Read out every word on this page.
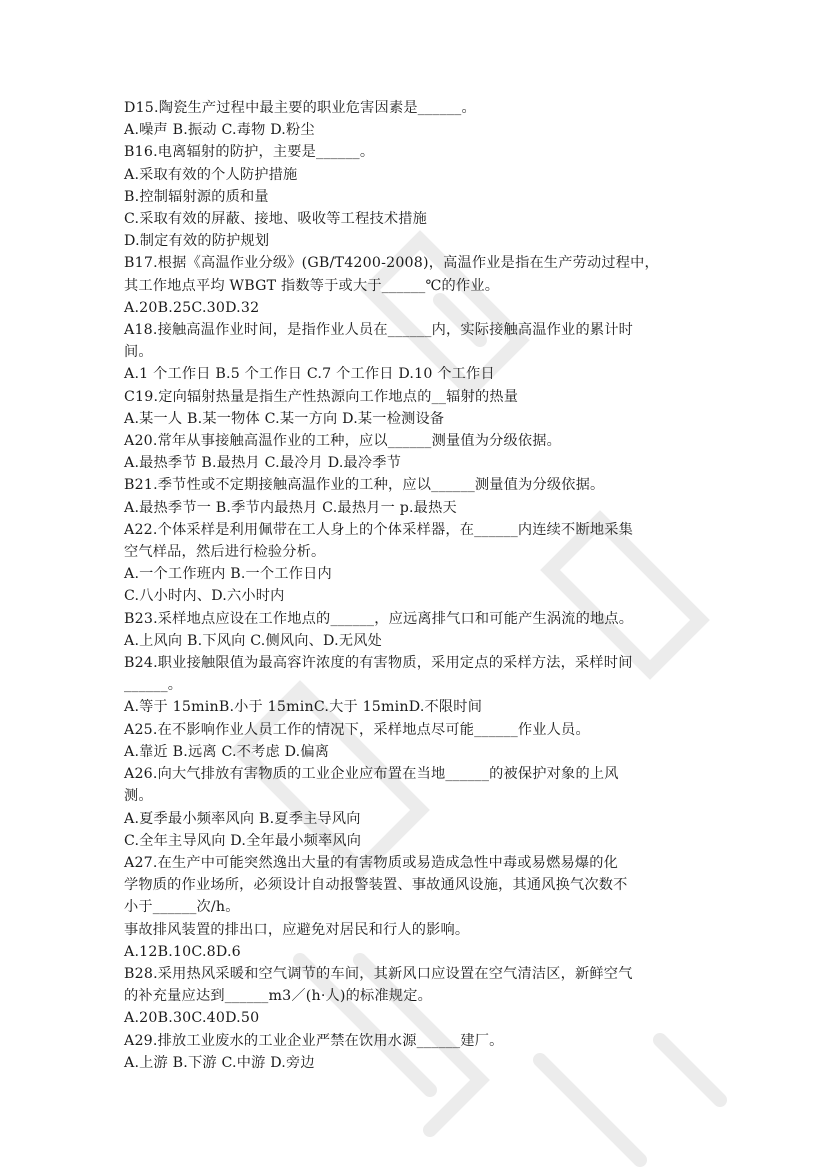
D15.陶瓷生产过程中最主要的职业危害因素是______。
A.噪声 B.振动 C.毒物 D.粉尘
B16.电离辐射的防护，主要是______。
A.采取有效的个人防护措施
B.控制辐射源的质和量
C.采取有效的屏蔽、接地、吸收等工程技术措施
D.制定有效的防护规划
B17.根据《高温作业分级》(GB/T4200-2008)，高温作业是指在生产劳动过程中，
其工作地点平均 WBGT 指数等于或大于______℃的作业。
A.20B.25C.30D.32
A18.接触高温作业时间，是指作业人员在______内，实际接触高温作业的累计时
间。
A.1 个工作日 B.5 个工作日 C.7 个工作日 D.10 个工作日
C19.定向辐射热量是指生产性热源向工作地点的__辐射的热量
A.某一人 B.某一物体 C.某一方向 D.某一检测设备
A20.常年从事接触高温作业的工种，应以______测量值为分级依据。
A.最热季节 B.最热月 C.最冷月 D.最冷季节
B21.季节性或不定期接触高温作业的工种，应以______测量值为分级依据。
A.最热季节一 B.季节内最热月 C.最热月一 p.最热天
A22.个体采样是利用佩带在工人身上的个体采样器，在______内连续不断地采集
空气样品，然后进行检验分析。
A.一个工作班内 B.一个工作日内
C.八小时内、D.六小时内
B23.采样地点应设在工作地点的______，应远离排气口和可能产生涡流的地点。
A.上风向 B.下风向 C.侧风向、D.无风处
B24.职业接触限值为最高容许浓度的有害物质，采用定点的采样方法，采样时间
______。
A.等于 15minB.小于 15minC.大于 15minD.不限时间
A25.在不影响作业人员工作的情况下，采样地点尽可能______作业人员。
A.靠近 B.远离 C.不考虑 D.偏离
A26.向大气排放有害物质的工业企业应布置在当地______的被保护对象的上风
测。
A.夏季最小频率风向 B.夏季主导风向
C.全年主导风向 D.全年最小频率风向
A27.在生产中可能突然逸出大量的有害物质或易造成急性中毒或易燃易爆的化
学物质的作业场所，必须设计自动报警装置、事故通风设施，其通风换气次数不
小于______次/h。
事故排风装置的排出口，应避免对居民和行人的影响。
A.12B.10C.8D.6
B28.采用热风采暖和空气调节的车间，其新风口应设置在空气清洁区，新鲜空气
的补充量应达到______m3／(h·人)的标准规定。
A.20B.30C.40D.50
A29.排放工业废水的工业企业严禁在饮用水源______建厂。
A.上游 B.下游 C.中游 D.旁边
